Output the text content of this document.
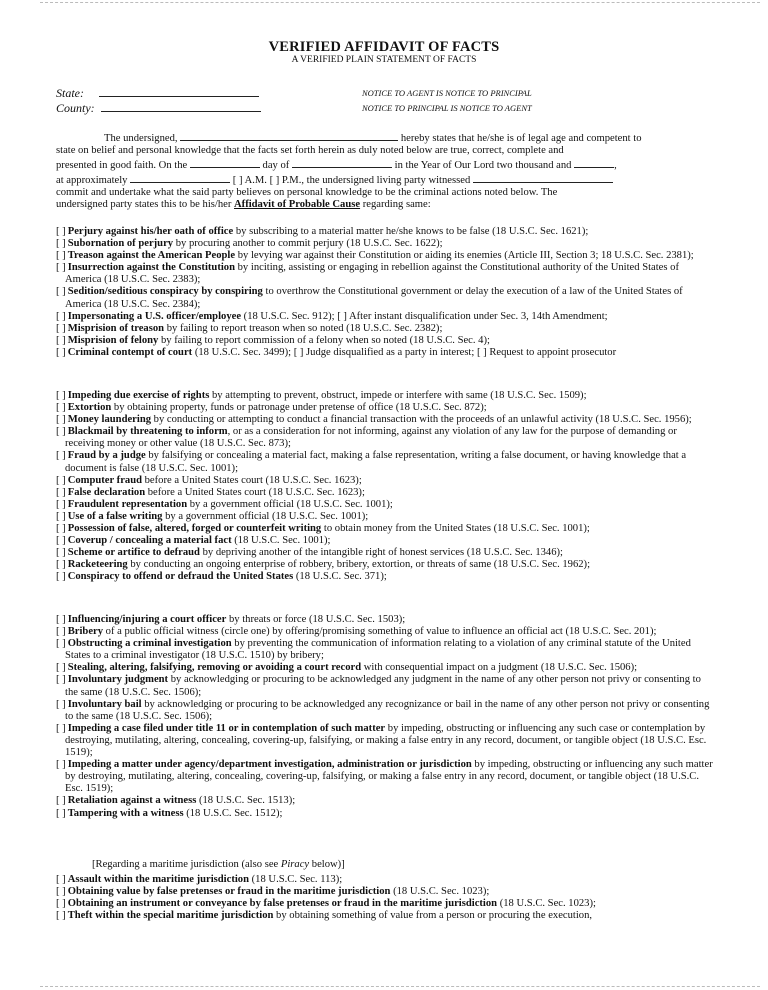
VERIFIED AFFIDAVIT OF FACTS
A VERIFIED PLAIN STATEMENT OF FACTS
State:
County:
NOTICE TO AGENT IS NOTICE TO PRINCIPAL
NOTICE TO PRINCIPAL IS NOTICE TO AGENT

The undersigned,	hereby states that he/she is of legal age and competent to

state on belief and personal knowledge that the facts set forth herein as duly noted below are true, correct, complete and

presented in good faith. On the	day of	in the Year of Our Lord two thousand and	,

at approximately	[ ] A.M. [ ] P.M., the undersigned living party witnessed

commit and undertake what the said party believes on personal knowledge to be the criminal actions noted below. The

undersigned party states this to be his/her Affidavit of Probable Cause regarding same:

[ ] Perjury against his/her oath of office by subscribing to a material matter he/she knows to be false (18 U.S.C. Sec. 1621);
[ ] Subornation of perjury by procuring another to commit perjury (18 U.S.C. Sec. 1622);
[ ] Treason against the American People by levying war against their Constitution or aiding its enemies (Article III, Section 3; 18 U.S.C. Sec. 2381);
[ ] Insurrection against the Constitution by inciting, assisting or engaging in rebellion against the Constitutional authority of the United States of America (18 U.S.C. Sec. 2383);
[ ] Sedition/seditious conspiracy by conspiring to overthrow the Constitutional government or delay the execution of a law of the United States of America (18 U.S.C. Sec. 2384);
[ ] Impersonating a U.S. officer/employee (18 U.S.C. Sec. 912); [ ] After instant disqualification under Sec. 3, 14th Amendment;
[ ] Misprision of treason by failing to report treason when so noted (18 U.S.C. Sec. 2382);
[ ] Misprision of felony by failing to report commission of a felony when so noted (18 U.S.C. Sec. 4);
[ ] Criminal contempt of court (18 U.S.C. Sec. 3499); [ ] Judge disqualified as a party in interest; [ ] Request to appoint prosecutor
[ ] Impeding due exercise of rights by attempting to prevent, obstruct, impede or interfere with same (18 U.S.C. Sec. 1509);
[ ] Extortion by obtaining property, funds or patronage under pretense of office (18 U.S.C. Sec. 872);
[ ] Money laundering by conducting or attempting to conduct a financial transaction with the proceeds of an unlawful activity (18 U.S.C. Sec. 1956);
[ ] Blackmail by threatening to inform, or as a consideration for not informing, against any violation of any law for the purpose of demanding or receiving money or other value (18 U.S.C. Sec. 873);
[ ] Fraud by a judge by falsifying or concealing a material fact, making a false representation, writing a false document, or having knowledge that a document is false (18 U.S.C. Sec. 1001);
[ ] Computer fraud before a United States court (18 U.S.C. Sec. 1623);
[ ] False declaration before a United States court (18 U.S.C. Sec. 1623);
[ ] Fraudulent representation by a government official (18 U.S.C. Sec. 1001);
[ ] Use of a false writing by a government official (18 U.S.C. Sec. 1001);
[ ] Possession of false, altered, forged or counterfeit writing to obtain money from the United States (18 U.S.C. Sec. 1001);
[ ] Coverup / concealing a material fact (18 U.S.C. Sec. 1001);
[ ] Scheme or artifice to defraud by depriving another of the intangible right of honest services (18 U.S.C. Sec. 1346);
[ ] Racketeering by conducting an ongoing enterprise of robbery, bribery, extortion, or threats of same (18 U.S.C. Sec. 1962);
[ ] Conspiracy to offend or defraud the United States (18 U.S.C. Sec. 371);
[ ] Influencing/injuring a court officer by threats or force (18 U.S.C. Sec. 1503);
[ ] Bribery of a public official witness (circle one) by offering/promising something of value to influence an official act (18 U.S.C. Sec. 201);
[ ] Obstructing a criminal investigation by preventing the communication of information relating to a violation of any criminal statute of the United States to a criminal investigator (18 U.S.C. 1510) by bribery;
[ ] Stealing, altering, falsifying, removing or avoiding a court record with consequential impact on a judgment (18 U.S.C. Sec. 1506);
[ ] Involuntary judgment by acknowledging or procuring to be acknowledged any judgment in the name of any other person not privy or consenting to the same (18 U.S.C. Sec. 1506);
[ ] Involuntary bail by acknowledging or procuring to be acknowledged any recognizance or bail in the name of any other person not privy or consenting to the same (18 U.S.C. Sec. 1506);
[ ] Impeding a case filed under title 11 or in contemplation of such matter by impeding, obstructing or influencing any such case or contemplation by destroying, mutilating, altering, concealing, covering-up, falsifying, or making a false entry in any record, document, or tangible object (18 U.S.C. Esc. 1519);
[ ] Impeding a matter under agency/department investigation, administration or jurisdiction by impeding, obstructing or influencing any such matter by destroying, mutilating, altering, concealing, covering-up, falsifying, or making a false entry in any record, document, or tangible object (18 U.S.C. Esc. 1519);
[ ] Retaliation against a witness (18 U.S.C. Sec. 1513);
[ ] Tampering with a witness (18 U.S.C. Sec. 1512);
[Regarding a maritime jurisdiction (also see Piracy below)]
[ ] Assault within the maritime jurisdiction (18 U.S.C. Sec. 113);
[ ] Obtaining value by false pretenses or fraud in the maritime jurisdiction (18 U.S.C. Sec. 1023);
[ ] Obtaining an instrument or conveyance by false pretenses or fraud in the maritime jurisdiction (18 U.S.C. Sec. 1023);
[ ] Theft within the special maritime jurisdiction by obtaining something of value from a person or procuring the execution,
